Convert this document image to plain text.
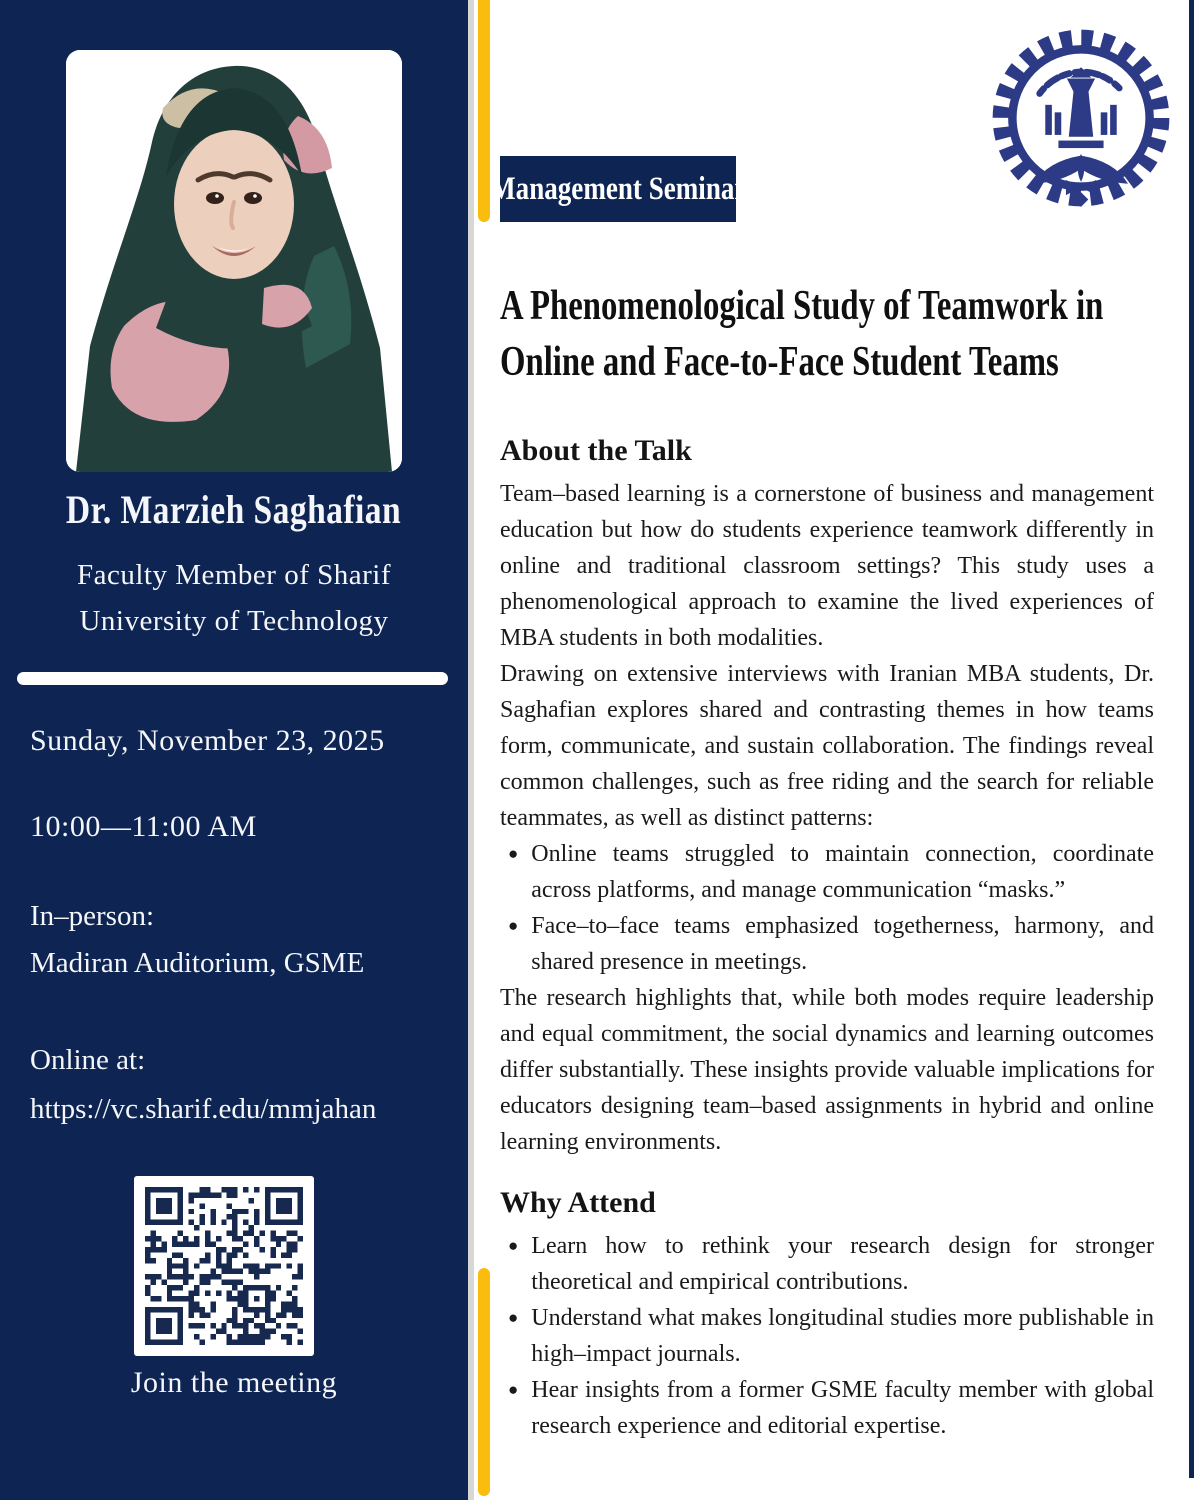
Dr. Marzieh Saghafian
Faculty Member of Sharif
University of Technology
Sunday, November 23, 2025
10:00—11:00 AM
In–person:
Madiran Auditorium, GSME
Online at:
https://vc.sharif.edu/mmjahan
Join the meeting
Management Seminar
A Phenomenological Study of Teamwork in
Online and Face-to-Face Student Teams
About the Talk

Team–based learning is a cornerstone of business and management education but how do students experience teamwork differently in online and traditional classroom settings? This study uses a phenomenological approach to examine the lived experiences of MBA students in both modalities.

Drawing on extensive interviews with Iranian MBA students, Dr. Saghafian explores shared and contrasting themes in how teams form, communicate, and sustain collaboration. The findings reveal common challenges, such as free riding and the search for reliable teammates, as well as distinct patterns:

● Online teams struggled to maintain connection, coordinate across platforms, and manage communication “masks.”
● Face–to–face teams emphasized togetherness, harmony, and shared presence in meetings.

The research highlights that, while both modes require leadership and equal commitment, the social dynamics and learning outcomes differ substantially. These insights provide valuable implications for educators designing team–based assignments in hybrid and online learning environments.

Why Attend
● Learn how to rethink your research design for stronger theoretical and empirical contributions.
● Understand what makes longitudinal studies more publishable in high–impact journals.
● Hear insights from a former GSME faculty member with global research experience and editorial expertise.
